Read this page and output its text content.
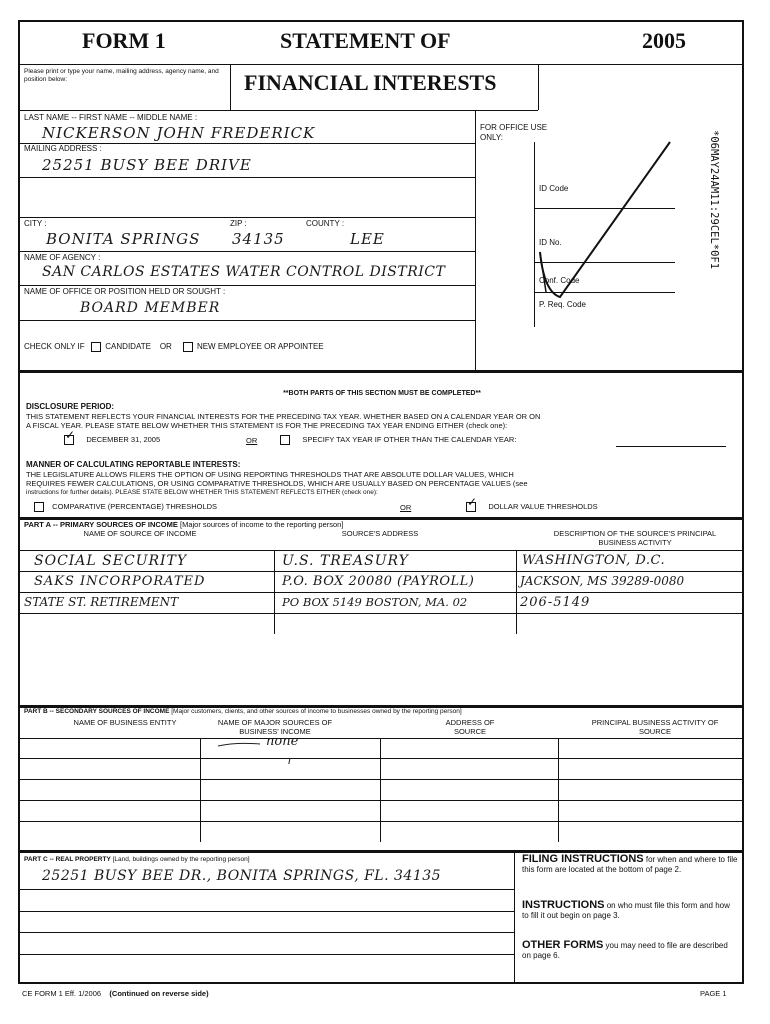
FORM 1	STATEMENT OF	2005
Please print or type your name, mailing address, agency name, and position below:	FINANCIAL INTERESTS
LAST NAME -- FIRST NAME -- MIDDLE NAME :
NICKERSON JOHN FREDERICK
MAILING ADDRESS :
25251 BUSY BEE DRIVE
CITY :
BONITA SPRINGS
ZIP :
34135
COUNTY :
LEE
NAME OF AGENCY :
SAN CARLOS ESTATES WATER CONTROL DISTRICT
NAME OF OFFICE OR POSITION HELD OR SOUGHT :
BOARD MEMBER
CHECK ONLY IF	CANDIDATE OR	NEW EMPLOYEE OR APPOINTEE
FOR OFFICE USE ONLY:
ID Code
ID No.
Conf. Code
P. Req. Code
*06MAY24AM11:29CEL*0F1
**BOTH PARTS OF THIS SECTION MUST BE COMPLETED**
DISCLOSURE PERIOD:
THIS STATEMENT REFLECTS YOUR FINANCIAL INTERESTS FOR THE PRECEDING TAX YEAR. WHETHER BASED ON A CALENDAR YEAR OR ON
A FISCAL YEAR. PLEASE STATE BELOW WHETHER THIS STATEMENT IS FOR THE PRECEDING TAX YEAR ENDING EITHER (check one):
✓    DECEMBER 31, 2005	OR	SPECIFY TAX YEAR IF OTHER THAN THE CALENDAR YEAR:
MANNER OF CALCULATING REPORTABLE INTERESTS:
THE LEGISLATURE ALLOWS FILERS THE OPTION OF USING REPORTING THRESHOLDS THAT ARE ABSOLUTE DOLLAR VALUES, WHICH
REQUIRES FEWER CALCULATIONS, OR USING COMPARATIVE THRESHOLDS, WHICH ARE USUALLY BASED ON PERCENTAGE VALUES (see
instructions for further details). PLEASE STATE BELOW WHETHER THIS STATEMENT REFLECTS EITHER (check one):
COMPARATIVE (PERCENTAGE) THRESHOLDS	OR
✓	DOLLAR VALUE THRESHOLDS
PART A -- PRIMARY SOURCES OF INCOME [Major sources of income to the reporting person]
NAME OF SOURCE OF INCOME	SOURCE'S ADDRESS	DESCRIPTION OF THE SOURCE'S PRINCIPAL BUSINESS ACTIVITY
SOCIAL SECURITY	U.S. TREASURY	WASHINGTON, D.C.
SAKS INCORPORATED	P.O. BOX 20080 (PAYROLL)	JACKSON, MS 39289-0080
STATE ST. RETIREMENT	PO BOX 5149 BOSTON, MA. 02	206-5149
PART B -- SECONDARY SOURCES OF INCOME [Major customers, clients, and other sources of income to businesses owned by the reporting person]
NAME OF BUSINESS ENTITY	NAME OF MAJOR SOURCES OF BUSINESS' INCOME
ADDRESS OF SOURCE
PRINCIPAL BUSINESS ACTIVITY OF SOURCE
none
PART C -- REAL PROPERTY [Land, buildings owned by the reporting person]
25251 BUSY BEE DR., BONITA SPRINGS, FL. 34135
FILING INSTRUCTIONS for when and where to file this form are located at the bottom of page 2.
INSTRUCTIONS on who must file this form and how to fill it out begin on page 3.
OTHER FORMS you may need to file are described on page 6.
CE FORM 1 Eff. 1/2006 (Continued on reverse side)	PAGE 1
